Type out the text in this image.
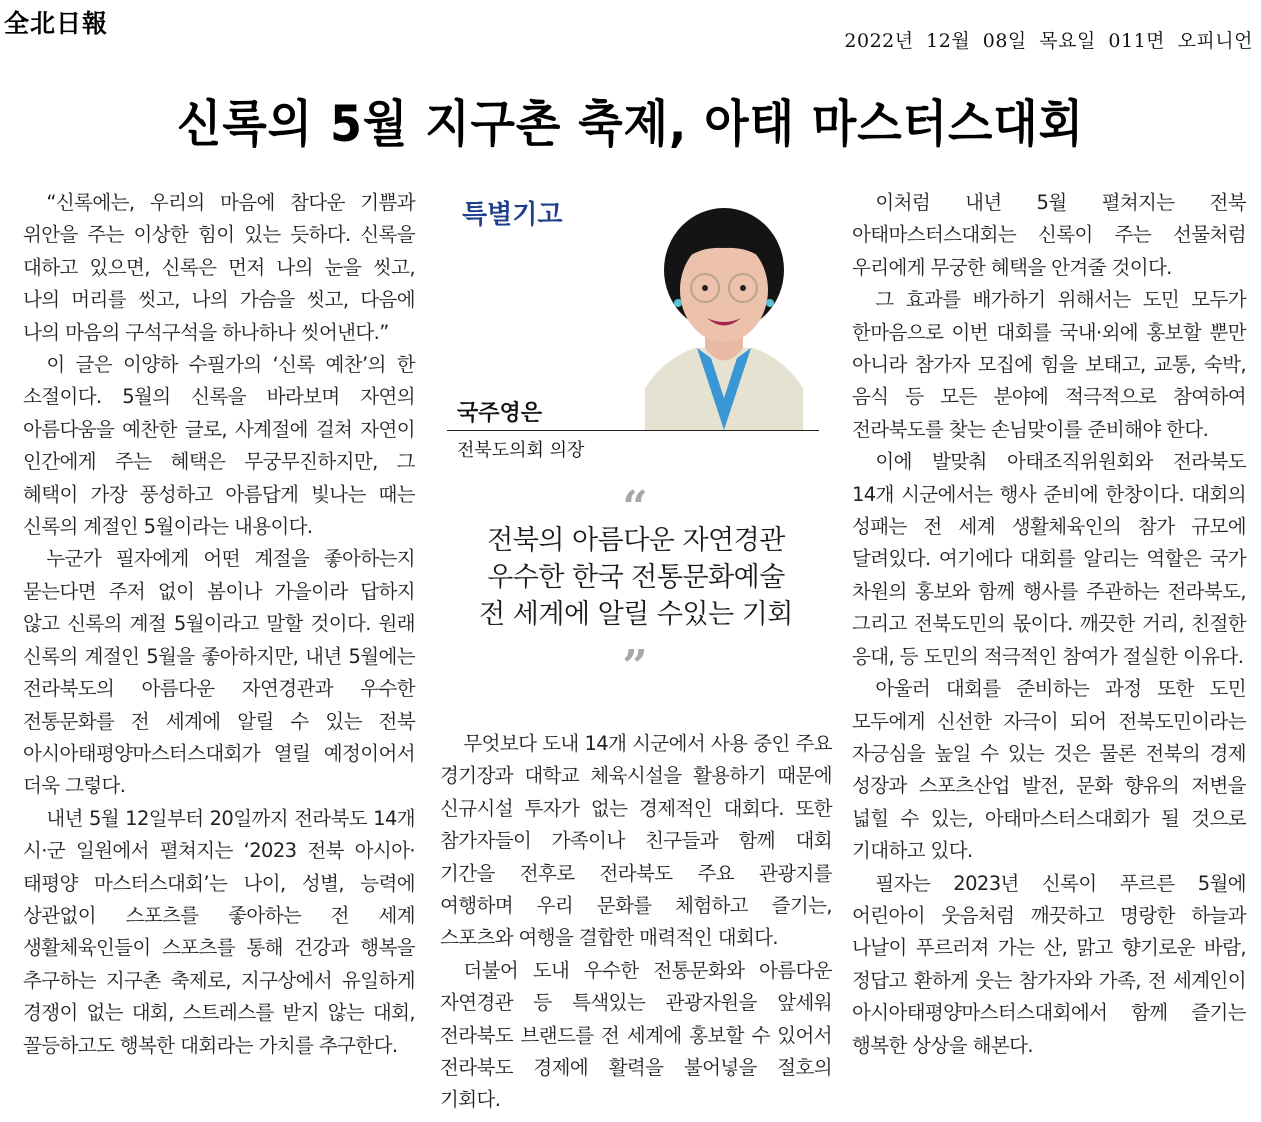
全北日報
2022년 12월 08일 목요일 011면 오피니언
신록의 5월 지구촌 축제, 아태 마스터스대회

“신록에는, 우리의 마음에 참다운 기쁨과 위안을 주는 이상한 힘이 있는 듯하다. 신록을 대하고 있으면, 신록은 먼저 나의 눈을 씻고, 나의 머리를 씻고, 나의 가슴을 씻고, 다음에 나의 마음의 구석구석을 하나하나 씻어낸다.”

이 글은 이양하 수필가의 ‘신록 예찬’의 한 소절이다. 5월의 신록을 바라보며 자연의 아름다움을 예찬한 글로, 사계절에 걸쳐 자연이 인간에게 주는 혜택은 무궁무진하지만, 그 혜택이 가장 풍성하고 아름답게 빛나는 때는 신록의 계절인 5월이라는 내용이다.

누군가 필자에게 어떤 계절을 좋아하는지 묻는다면 주저 없이 봄이나 가을이라 답하지 않고 신록의 계절 5월이라고 말할 것이다. 원래 신록의 계절인 5월을 좋아하지만, 내년 5월에는 전라북도의 아름다운 자연경관과 우수한 전통문화를 전 세계에 알릴 수 있는 전북 아시아태평양마스터스대회가 열릴 예정이어서 더욱 그렇다.

내년 5월 12일부터 20일까지 전라북도 14개 시·군 일원에서 펼쳐지는 ‘2023 전북 아시아·태평양 마스터스대회’는 나이, 성별, 능력에 상관없이 스포츠를 좋아하는 전 세계 생활체육인들이 스포츠를 통해 건강과 행복을 추구하는 지구촌 축제로, 지구상에서 유일하게 경쟁이 없는 대회, 스트레스를 받지 않는 대회, 꼴등하고도 행복한 대회라는 가치를 추구한다.

특별기고
국주영은
전북도의회 의장
“
전북의 아름다운 자연경관
우수한 한국 전통문화예술
전 세계에 알릴 수있는 기회
”

무엇보다 도내 14개 시군에서 사용 중인 주요 경기장과 대학교 체육시설을 활용하기 때문에 신규시설 투자가 없는 경제적인 대회다. 또한 참가자들이 가족이나 친구들과 함께 대회 기간을 전후로 전라북도 주요 관광지를 여행하며 우리 문화를 체험하고 즐기는, 스포츠와 여행을 결합한 매력적인 대회다.

더불어 도내 우수한 전통문화와 아름다운 자연경관 등 특색있는 관광자원을 앞세워 전라북도 브랜드를 전 세계에 홍보할 수 있어서 전라북도 경제에 활력을 불어넣을 절호의 기회다.

이처럼 내년 5월 펼쳐지는 전북 아태마스터스대회는 신록이 주는 선물처럼 우리에게 무궁한 혜택을 안겨줄 것이다.

그 효과를 배가하기 위해서는 도민 모두가 한마음으로 이번 대회를 국내·외에 홍보할 뿐만 아니라 참가자 모집에 힘을 보태고, 교통, 숙박, 음식 등 모든 분야에 적극적으로 참여하여 전라북도를 찾는 손님맞이를 준비해야 한다.

이에 발맞춰 아태조직위원회와 전라북도 14개 시군에서는 행사 준비에 한창이다. 대회의 성패는 전 세계 생활체육인의 참가 규모에 달려있다. 여기에다 대회를 알리는 역할은 국가 차원의 홍보와 함께 행사를 주관하는 전라북도, 그리고 전북도민의 몫이다. 깨끗한 거리, 친절한 응대, 등 도민의 적극적인 참여가 절실한 이유다.

아울러 대회를 준비하는 과정 또한 도민 모두에게 신선한 자극이 되어 전북도민이라는 자긍심을 높일 수 있는 것은 물론 전북의 경제 성장과 스포츠산업 발전, 문화 향유의 저변을 넓힐 수 있는, 아태마스터스대회가 될 것으로 기대하고 있다.

필자는 2023년 신록이 푸르른 5월에 어린아이 웃음처럼 깨끗하고 명랑한 하늘과 나날이 푸르러져 가는 산, 맑고 향기로운 바람, 정답고 환하게 웃는 참가자와 가족, 전 세계인이 아시아태평양마스터스대회에서 함께 즐기는 행복한 상상을 해본다.
